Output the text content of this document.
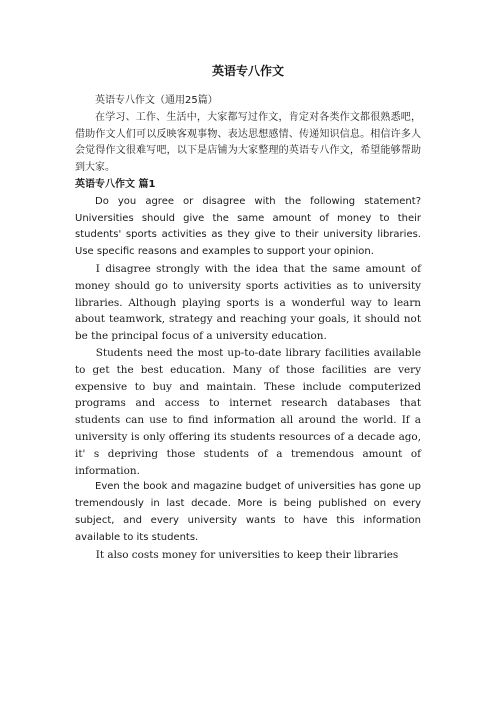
英语专八作文

英语专八作文（通用25篇）

在学习、工作、生活中，大家都写过作文，肯定对各类作文都很熟悉吧，借助作文人们可以反映客观事物、表达思想感情、传递知识信息。相信许多人会觉得作文很难写吧，以下是店铺为大家整理的英语专八作文，希望能够帮助到大家。

英语专八作文 篇1

Do you agree or disagree with the following statement? Universities should give the same amount of money to their students' sports activities as they give to their university libraries. Use specific reasons and examples to support your opinion.

I disagree strongly with the idea that the same amount of money should go to university sports activities as to university libraries. Although playing sports is a wonderful way to learn about teamwork, strategy and reaching your goals, it should not be the principal focus of a university education.

Students need the most up-to-date library facilities available to get the best education. Many of those facilities are very expensive to buy and maintain. These include computerized programs and access to internet research databases that students can use to find information all around the world. If a university is only offering its students resources of a decade ago, it' s depriving those students of a tremendous amount of information.

Even the book and magazine budget of universities has gone up tremendously in last decade. More is being published on every subject, and every university wants to have this information available to its students.

It also costs money for universities to keep their libraries
